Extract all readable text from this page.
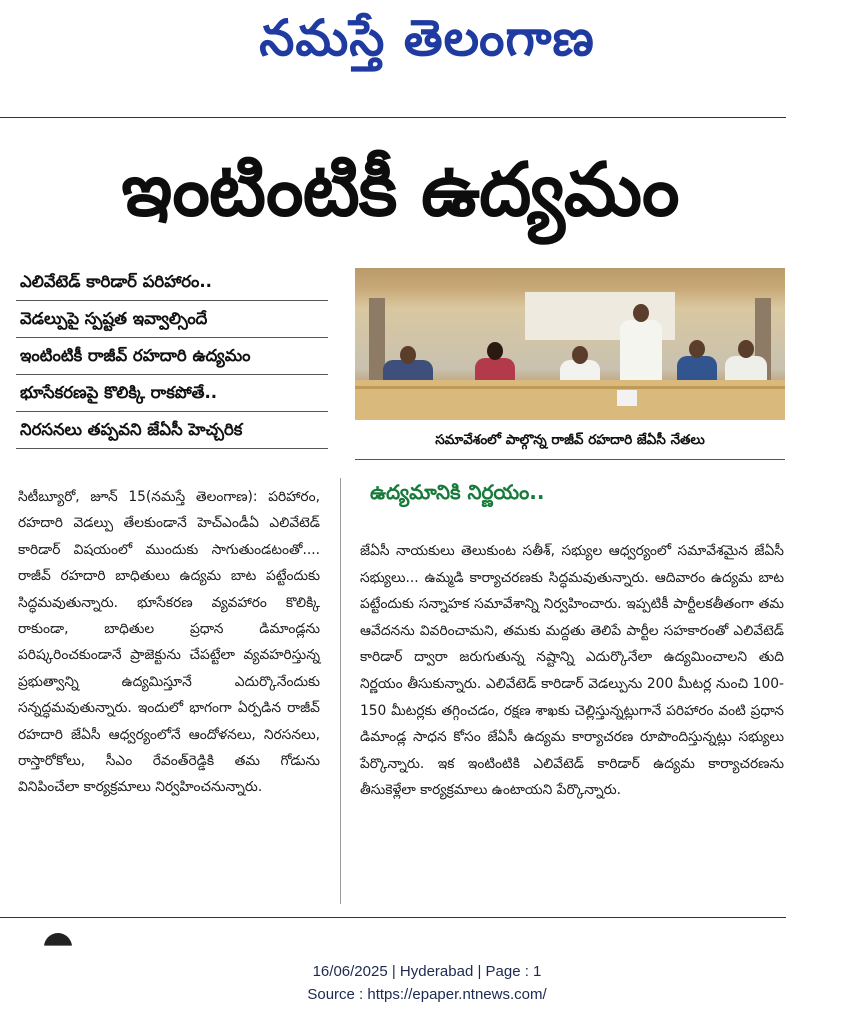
నమస్తే తెలంగాణ
ఇంటింటికీ ఉద్యమం
ఎలివేటెడ్ కారిడార్ పరిహారం..
వెడల్పుపై స్పష్టత ఇవ్వాల్సిందే
ఇంటింటికీ రాజీవ్ రహదారి ఉద్యమం
భూసేకరణపై కొలిక్కి రాకపోతే..
నిరసనలు తప్పవని జేఏసీ హెచ్చరిక
సమావేశంలో పాల్గొన్న రాజీవ్ రహదారి జేఏసీ నేతలు
సిటీబ్యూరో, జూన్ 15(నమస్తే తెలంగాణ): పరిహారం, రహదారి వెడల్పు తేలకుండానే హెచ్ఎండీఏ ఎలివేటెడ్ కారిడార్ విషయంలో ముందుకు సాగుతుండటంతో.... రాజీవ్ రహదారి బాధితులు ఉద్యమ బాట పట్టేందుకు సిద్ధమవుతున్నారు. భూసేకరణ వ్యవహారం కొలిక్కి రాకుండా, బాధితుల ప్రధాన డిమాండ్లను పరిష్కరించకుండానే ప్రాజెక్టును చేపట్టేలా వ్యవహరిస్తున్న ప్రభుత్వాన్ని ఉద్యమిస్తూనే ఎదుర్కొనేందుకు సన్నద్ధమవుతున్నారు. ఇందులో భాగంగా ఏర్పడిన రాజీవ్ రహదారి జేఏసీ ఆధ్వర్యంలోనే ఆందోళనలు, నిరసనలు, రాస్తారోకోలు, సీఎం రేవంత్‌రెడ్డికి తమ గోడును వినిపించేలా కార్యక్రమాలు నిర్వహించనున్నారు.
ఉద్యమానికి నిర్ణయం..
జేఏసీ నాయకులు తెలుకుంట సతీశ్, సభ్యుల ఆధ్వర్యంలో సమావేశమైన జేఏసీ సభ్యులు... ఉమ్మడి కార్యాచరణకు సిద్ధమవుతున్నారు. ఆదివారం ఉద్యమ బాట పట్టేందుకు సన్నాహక సమావేశాన్ని నిర్వహించారు. ఇప్పటికీ పార్టీలకతీతంగా తమ ఆవేదనను వివరించామని, తమకు మద్దతు తెలిపే పార్టీల సహకారంతో ఎలివేటెడ్ కారిడార్ ద్వారా జరుగుతున్న నష్టాన్ని ఎదుర్కొనేలా ఉద్యమించాలని తుది నిర్ణయం తీసుకున్నారు. ఎలివేటెడ్ కారిడార్ వెడల్పును 200 మీటర్ల నుంచి 100-150 మీటర్లకు తగ్గించడం, రక్షణ శాఖకు చెల్లిస్తున్నట్లుగానే పరిహారం వంటి ప్రధాన డిమాండ్ల సాధన కోసం జేఏసీ ఉద్యమ కార్యాచరణ రూపొందిస్తున్నట్లు సభ్యులు పేర్కొన్నారు. ఇక ఇంటింటికి ఎలివేటెడ్ కారిడార్ ఉద్యమ కార్యాచరణను తీసుకెళ్లేలా కార్యక్రమాలు ఉంటాయని పేర్కొన్నారు.
16/06/2025 | Hyderabad | Page : 1
Source : https://epaper.ntnews.com/
